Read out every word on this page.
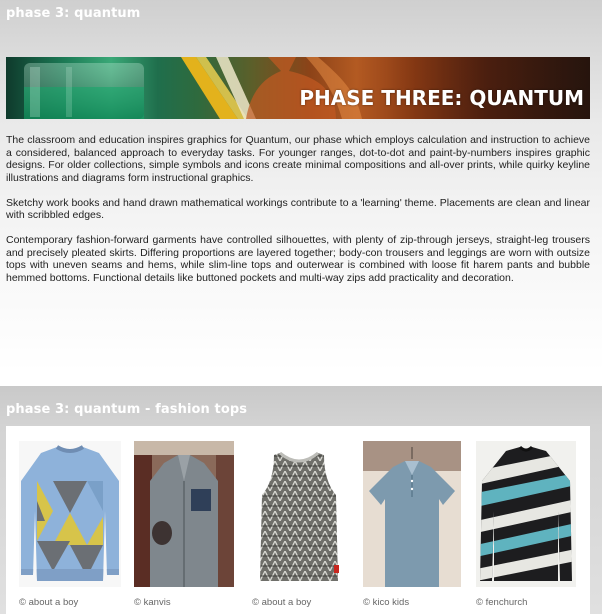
phase 3: quantum
PHASE THREE: QUANTUM

The classroom and education inspires graphics for Quantum, our phase which employs calculation and instruction to achieve a considered, balanced approach to everyday tasks. For younger ranges, dot-to-dot and paint-by-numbers inspires graphic designs. For older collections, simple symbols and icons create minimal compositions and all-over prints, while quirky keyline illustrations and diagrams form instructional graphics.

Sketchy work books and hand drawn mathematical workings contribute to a 'learning' theme. Placements are clean and linear with scribbled edges.

Contemporary fashion-forward garments have controlled silhouettes, with plenty of zip-through jerseys, straight-leg trousers and precisely pleated skirts. Differing proportions are layered together; body-con trousers and leggings are worn with outsize tops with uneven seams and hems, while slim-line tops and outerwear is combined with loose fit harem pants and bubble hemmed bottoms. Functional details like buttoned pockets and multi-way zips add practicality and decoration.

phase 3: quantum - fashion tops
© about a boy	© kanvis	© about a boy	© kico kids	© fenchurch
